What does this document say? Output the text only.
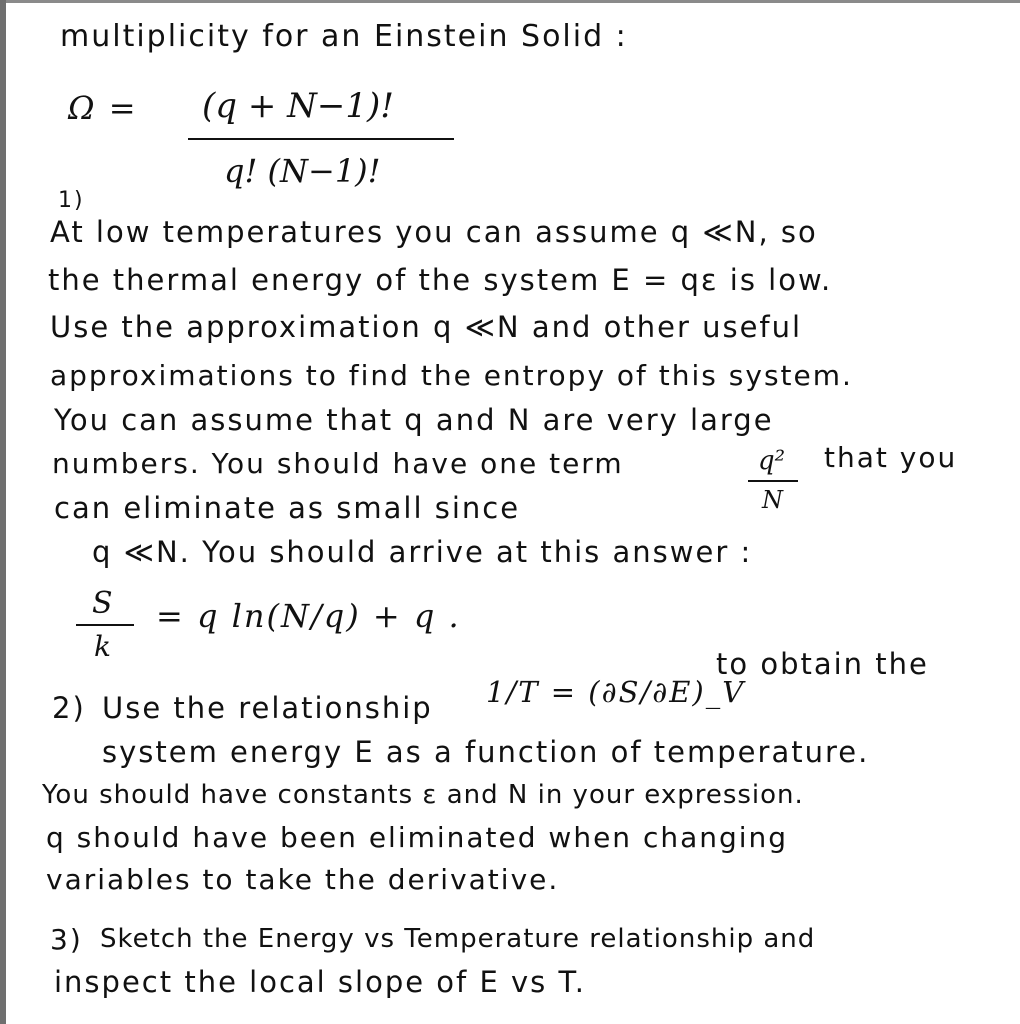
multiplicity for an Einstein Solid :
Ω = (q + N−1)!
q! (N−1)!
1)
At low temperatures you can assume q ≪N, so
the thermal energy of the system E = qε is low.
Use the approximation q ≪N and other useful
approximations to find the entropy of this system.
You can assume that q and N are very large
numbers. You should have one term	q²
N
that you
can eliminate as small since
q ≪N. You should arrive at this answer :
S
k
= q ln(N/q) + q .
2) Use the relationship 1/T = (∂S/∂E)_V
to obtain the
system energy E as a function of temperature.
You should have constants ε and N in your expression.
q should have been eliminated when changing
variables to take the derivative.
3) Sketch the Energy vs Temperature relationship and
inspect the local slope of E vs T.
